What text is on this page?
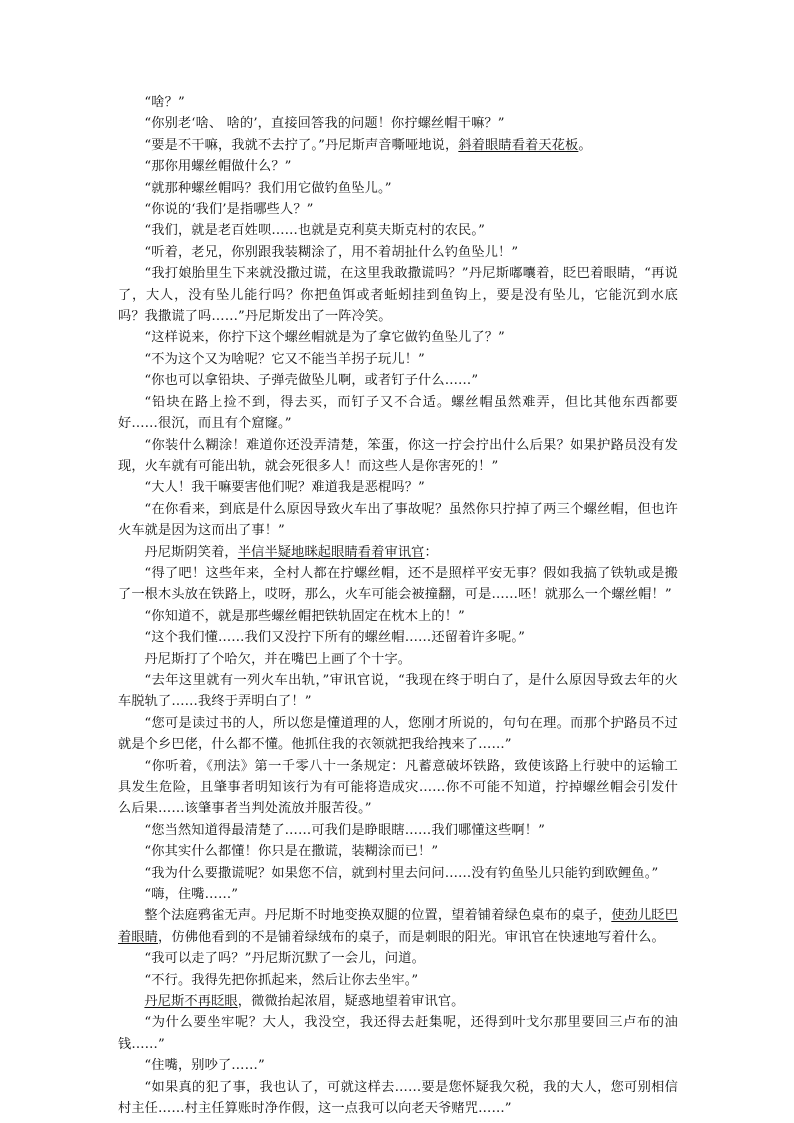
“啥？”

“你别老‘啥、 啥的’，直接回答我的问题！你拧螺丝帽干嘛？”

“要是不干嘛，我就不去拧了。”丹尼斯声音嘶哑地说，斜着眼睛看着天花板。

“那你用螺丝帽做什么？”

“就那种螺丝帽吗？我们用它做钓鱼坠儿。”

“你说的‘我们’是指哪些人？”

“我们，就是老百姓呗……也就是克利莫夫斯克村的农民。”

“听着，老兄，你别跟我装糊涂了，用不着胡扯什么钓鱼坠儿！”

“我打娘胎里生下来就没撒过谎，在这里我敢撒谎吗？”丹尼斯嘟囔着，眨巴着眼睛，“再说了，大人，没有坠儿能行吗？你把鱼饵或者蚯蚓挂到鱼钩上，要是没有坠儿，它能沉到水底吗？我撒谎了吗……”丹尼斯发出了一阵冷笑。

“这样说来，你拧下这个螺丝帽就是为了拿它做钓鱼坠儿了？”

“不为这个又为啥呢？它又不能当羊拐子玩儿！”

“你也可以拿铅块、子弹壳做坠儿啊，或者钉子什么……”

“铅块在路上捡不到，得去买，而钉子又不合适。螺丝帽虽然难弄，但比其他东西都要好……很沉，而且有个窟窿。”

“你装什么糊涂！难道你还没弄清楚，笨蛋，你这一拧会拧出什么后果？如果护路员没有发现，火车就有可能出轨，就会死很多人！而这些人是你害死的！”

“大人！我干嘛要害他们呢？难道我是恶棍吗？”

“在你看来，到底是什么原因导致火车出了事故呢？虽然你只拧掉了两三个螺丝帽，但也许火车就是因为这而出了事！”

丹尼斯阴笑着，半信半疑地眯起眼睛看着审讯官：

“得了吧！这些年来，全村人都在拧螺丝帽，还不是照样平安无事？假如我搞了铁轨或是搬了一根木头放在铁路上，哎呀，那么，火车可能会被撞翻，可是……呸！就那么一个螺丝帽！”

“你知道不，就是那些螺丝帽把铁轨固定在枕木上的！”

“这个我们懂……我们又没拧下所有的螺丝帽……还留着许多呢。”

丹尼斯打了个哈欠，并在嘴巴上画了个十字。

“去年这里就有一列火车出轨，”审讯官说，“我现在终于明白了，是什么原因导致去年的火车脱轨了……我终于弄明白了！”

“您可是读过书的人，所以您是懂道理的人，您刚才所说的，句句在理。而那个护路员不过就是个乡巴佬，什么都不懂。他抓住我的衣领就把我给拽来了……”

“你听着，《刑法》第一千零八十一条规定：凡蓄意破坏铁路，致使该路上行驶中的运输工具发生危险，且肇事者明知该行为有可能将造成灾……你不可能不知道，拧掉螺丝帽会引发什么后果……该肇事者当判处流放并服苦役。”

“您当然知道得最清楚了……可我们是睁眼瞎……我们哪懂这些啊！”

“你其实什么都懂！你只是在撒谎，装糊涂而已！”

“我为什么要撒谎呢？如果您不信，就到村里去问问……没有钓鱼坠儿只能钓到欧鲤鱼。”

“嗨，住嘴……”

整个法庭鸦雀无声。丹尼斯不时地变换双腿的位置，望着铺着绿色桌布的桌子，使劲儿眨巴着眼睛，仿佛他看到的不是铺着绿绒布的桌子，而是刺眼的阳光。审讯官在快速地写着什么。

“我可以走了吗？”丹尼斯沉默了一会儿，问道。

“不行。我得先把你抓起来，然后让你去坐牢。”

丹尼斯不再眨眼，微微抬起浓眉，疑惑地望着审讯官。

“为什么要坐牢呢？大人，我没空，我还得去赶集呢，还得到叶戈尔那里要回三卢布的油钱……”

“住嘴，别吵了……”

“如果真的犯了事，我也认了，可就这样去……要是您怀疑我欠税，我的大人，您可别相信村主任……村主任算账时净作假，这一点我可以向老天爷赌咒……”
